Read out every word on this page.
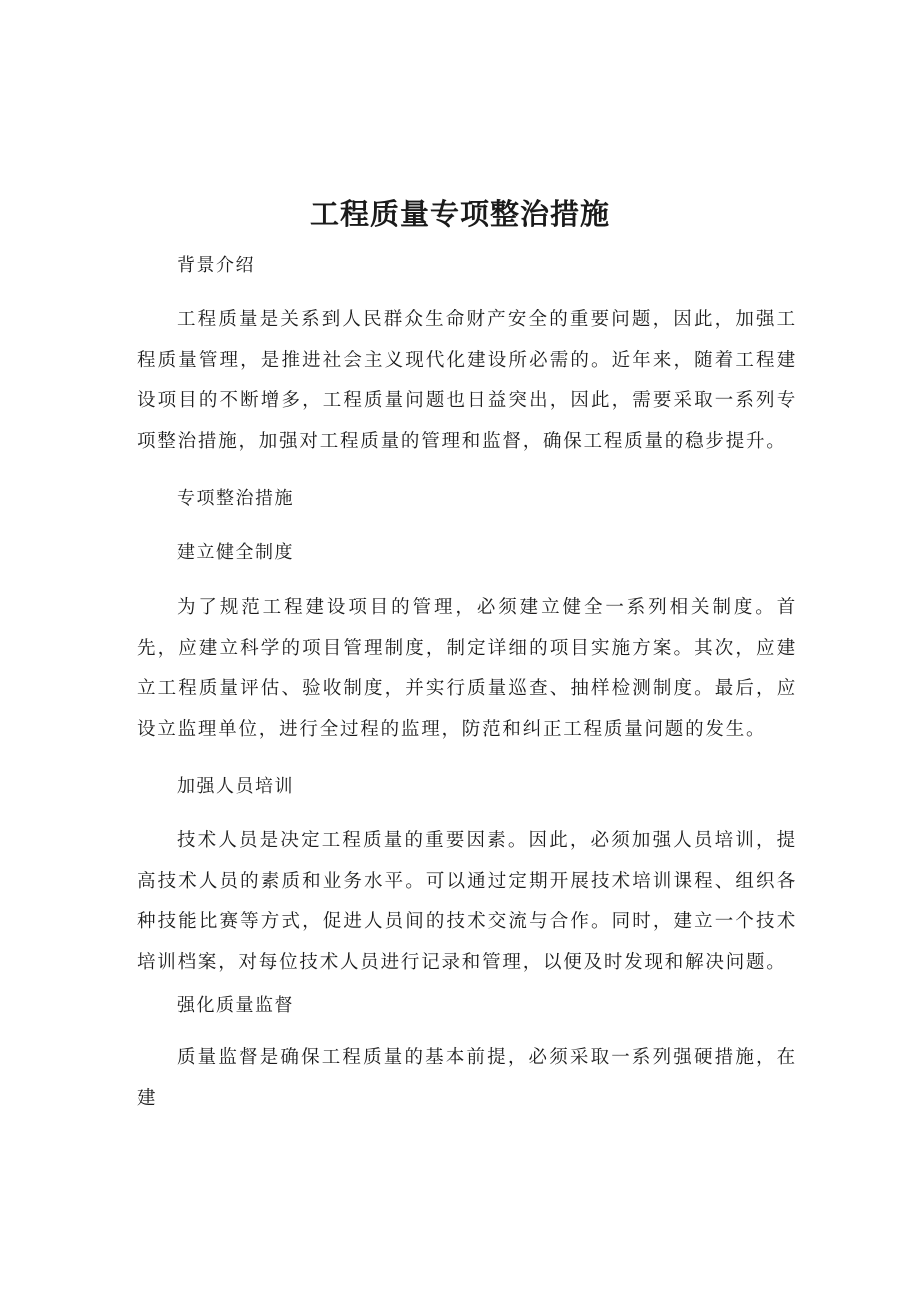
工程质量专项整治措施

背景介绍

工程质量是关系到人民群众生命财产安全的重要问题，因此，加强工程质量管理，是推进社会主义现代化建设所必需的。近年来，随着工程建设项目的不断增多，工程质量问题也日益突出，因此，需要采取一系列专项整治措施，加强对工程质量的管理和监督，确保工程质量的稳步提升。

专项整治措施

建立健全制度

为了规范工程建设项目的管理，必须建立健全一系列相关制度。首先，应建立科学的项目管理制度，制定详细的项目实施方案。其次，应建立工程质量评估、验收制度，并实行质量巡查、抽样检测制度。最后，应设立监理单位，进行全过程的监理，防范和纠正工程质量问题的发生。

加强人员培训

技术人员是决定工程质量的重要因素。因此，必须加强人员培训，提高技术人员的素质和业务水平。可以通过定期开展技术培训课程、组织各种技能比赛等方式，促进人员间的技术交流与合作。同时，建立一个技术培训档案，对每位技术人员进行记录和管理，以便及时发现和解决问题。

强化质量监督

质量监督是确保工程质量的基本前提，必须采取一系列强硬措施，在建
